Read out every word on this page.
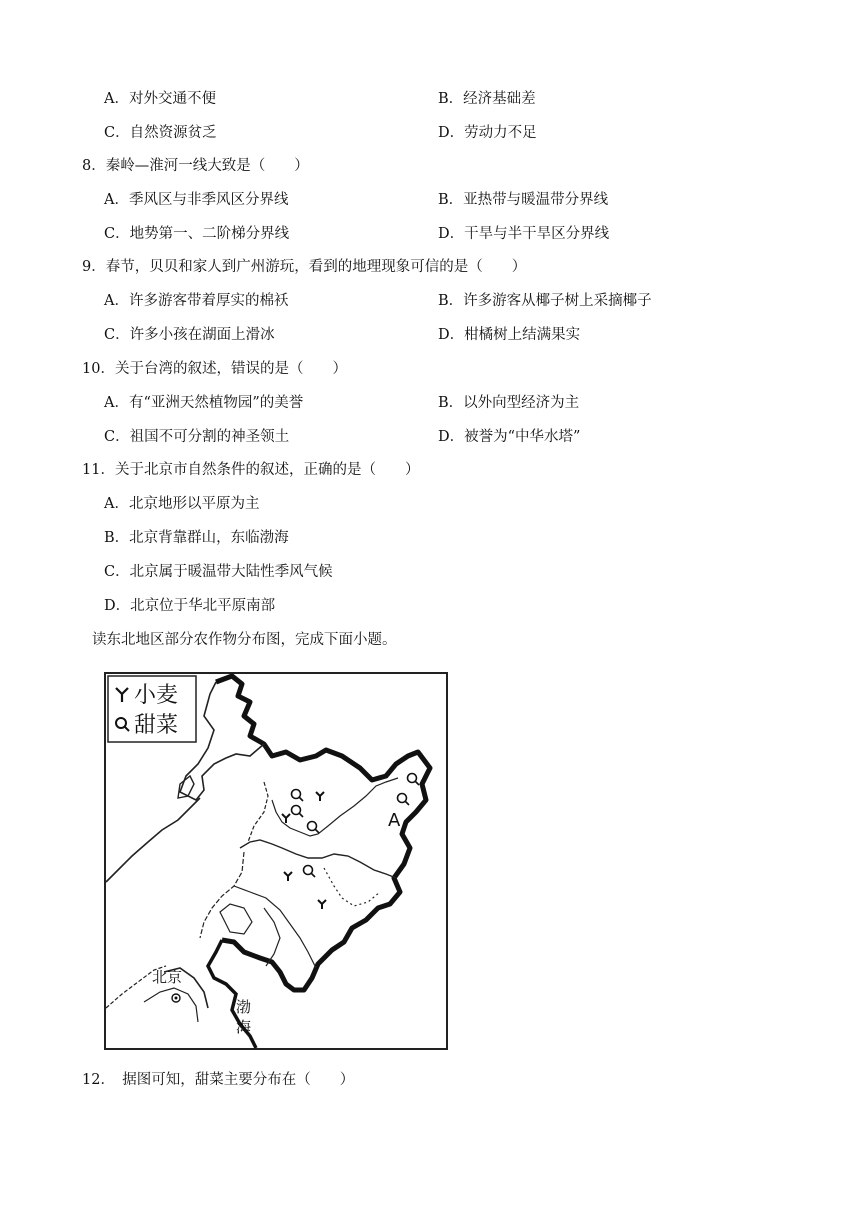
A．对外交通不便	B．经济基础差
C．自然资源贫乏	D．劳动力不足
8．秦岭—淮河一线大致是（　　）
A．季风区与非季风区分界线	B．亚热带与暖温带分界线
C．地势第一、二阶梯分界线	D．干旱与半干旱区分界线
9．春节，贝贝和家人到广州游玩，看到的地理现象可信的是（　　）
A．许多游客带着厚实的棉袄	B．许多游客从椰子树上采摘椰子
C．许多小孩在湖面上滑冰	D．柑橘树上结满果实
10．关于台湾的叙述，错误的是（　　）
A．有“亚洲天然植物园”的美誉	B．以外向型经济为主
C．祖国不可分割的神圣领土	D．被誉为“中华水塔”
11．关于北京市自然条件的叙述，正确的是（　　）
A．北京地形以平原为主
B．北京背靠群山，东临渤海
C．北京属于暖温带大陆性季风气候
D．北京位于华北平原南部
读东北地区部分农作物分布图，完成下面小题。
小麦
甜菜
A
北京
渤
海
12．　据图可知，甜菜主要分布在（　　）
